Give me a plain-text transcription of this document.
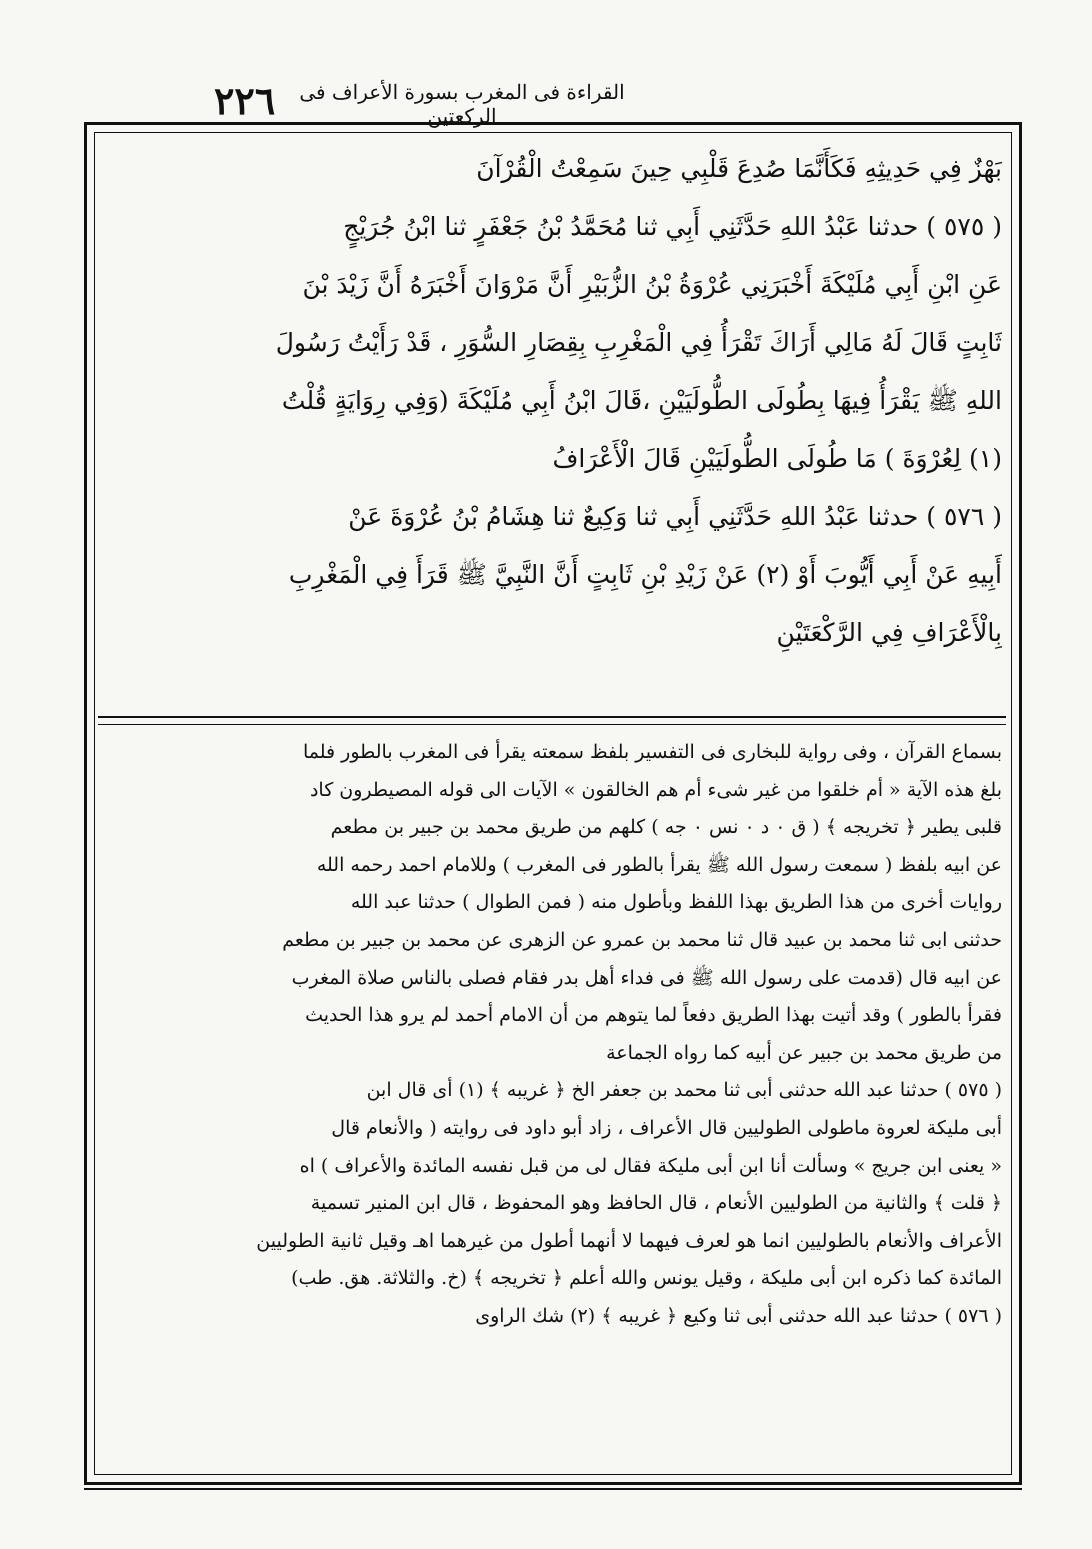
٢٢٦	القراءة فى المغرب بسورة الأعراف فى الركعتين
بَهْزٌ فِي حَدِيثِهِ فَكَأَنَّمَا صُدِعَ قَلْبِي حِينَ سَمِعْتُ الْقُرْآنَ
( ٥٧٥ ) حدثنا عَبْدُ اللهِ حَدَّثَنِي أَبِي ثنا مُحَمَّدُ بْنُ جَعْفَرٍ ثنا ابْنُ جُرَيْجٍ
عَنِ ابْنِ أَبِي مُلَيْكَةَ أَخْبَرَنِي عُرْوَةُ بْنُ الزُّبَيْرِ أَنَّ مَرْوَانَ أَخْبَرَهُ أَنَّ زَيْدَ بْنَ
ثَابِتٍ قَالَ لَهُ مَالِي أَرَاكَ تَقْرَأُ فِي الْمَغْرِبِ بِقِصَارِ السُّوَرِ ، قَدْ رَأَيْتُ رَسُولَ
اللهِ ﷺ يَقْرَأُ فِيهَا بِطُولَى الطُّولَيَيْنِ ،قَالَ ابْنُ أَبِي مُلَيْكَةَ (وَفِي رِوَايَةٍ قُلْتُ
(١) لِعُرْوَةَ ) مَا طُولَى الطُّولَيَيْنِ قَالَ الْأَعْرَافُ
( ٥٧٦ ) حدثنا عَبْدُ اللهِ حَدَّثَنِي أَبِي ثنا وَكِيعٌ ثنا هِشَامُ بْنُ عُرْوَةَ عَنْ
أَبِيهِ عَنْ أَبِي أَيُّوبَ أَوْ (٢) عَنْ زَيْدِ بْنِ ثَابِتٍ أَنَّ النَّبِيَّ ﷺ قَرَأَ فِي الْمَغْرِبِ
بِالْأَعْرَافِ فِي الرَّكْعَتَيْنِ
بسماع القرآن ، وفى رواية للبخارى فى التفسير بلفظ سمعته يقرأ فى المغرب بالطور فلما
بلغ هذه الآية « أم خلقوا من غير شىء أم هم الخالقون » الآيات الى قوله المصيطرون كاد
قلبى يطير ﴿ تخريجه ﴾ ( ق ٠ د ٠ نس ٠ جه ) كلهم من طريق محمد بن جبير بن مطعم
عن ابيه بلفظ ( سمعت رسول الله ﷺ يقرأ بالطور فى المغرب ) وللامام احمد رحمه الله
روايات أخرى من هذا الطريق بهذا اللفظ وبأطول منه ( فمن الطوال ) حدثنا عبد الله
حدثنى ابى ثنا محمد بن عبيد قال ثنا محمد بن عمرو عن الزهرى عن محمد بن جبير بن مطعم
عن ابيه قال (قدمت على رسول الله ﷺ فى فداء أهل بدر فقام فصلى بالناس صلاة المغرب
فقرأ بالطور ) وقد أتيت بهذا الطريق دفعاً لما يتوهم من أن الامام أحمد لم يرو هذا الحديث
من طريق محمد بن جبير عن أبيه كما رواه الجماعة
( ٥٧٥ ) حدثنا عبد الله حدثنى أبى ثنا محمد بن جعفر الخ ﴿ غريبه ﴾ (١) أى قال ابن
أبى مليكة لعروة ماطولى الطوليين قال الأعراف ، زاد أبو داود فى روايته ( والأنعام قال
« يعنى ابن جريج » وسألت أنا ابن أبى مليكة فقال لى من قبل نفسه المائدة والأعراف ) اه
﴿ قلت ﴾ والثانية من الطوليين الأنعام ، قال الحافظ وهو المحفوظ ، قال ابن المنير تسمية
الأعراف والأنعام بالطوليين انما هو لعرف فيهما لا أنهما أطول من غيرهما اهـ وقيل ثانية الطوليين
المائدة كما ذكره ابن أبى مليكة ، وقيل يونس والله أعلم ﴿ تخريجه ﴾ (خ. والثلاثة. هق. طب)
( ٥٧٦ ) حدثنا عبد الله حدثنى أبى ثنا وكيع ﴿ غريبه ﴾ (٢) شك الراوى
